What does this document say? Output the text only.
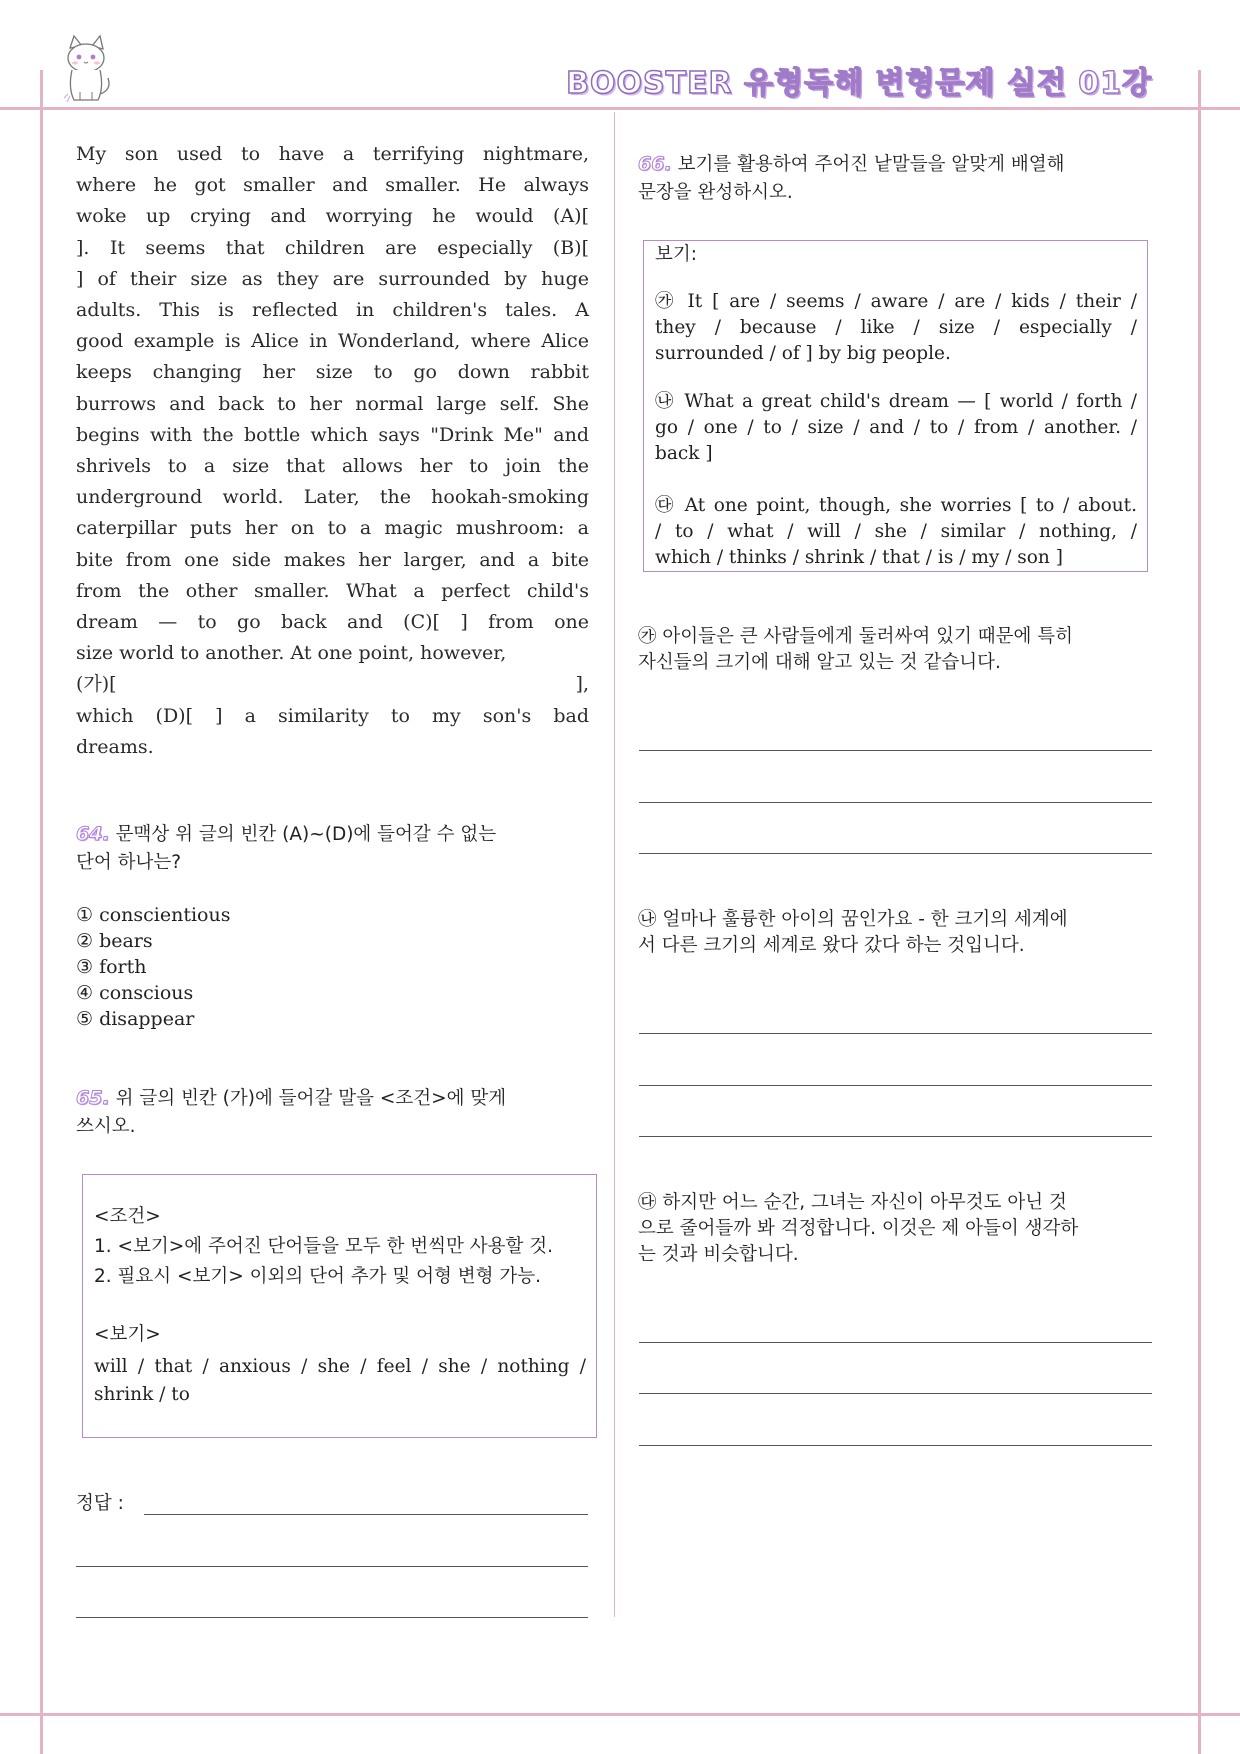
BOOSTER 유형독해 변형문제 실전 01강
My son used to have a terrifying nightmare,
where he got smaller and smaller. He always
woke up crying and worrying he would (A)[
]. It seems that children are especially (B)[
] of their size as they are surrounded by huge
adults. This is reflected in children's tales. A
good example is Alice in Wonderland, where Alice
keeps changing her size to go down rabbit
burrows and back to her normal large self. She
begins with the bottle which says "Drink Me" and
shrivels to a size that allows her to join the
underground world. Later, the hookah-smoking
caterpillar puts her on to a magic mushroom: a
bite from one side makes her larger, and a bite
from the other smaller. What a perfect child's
dream — to go back and (C)[ ] from one
size world to another. At one point, however,
(가)[ ],
which (D)[ ] a similarity to my son's bad
dreams.
64. 문맥상 위 글의 빈칸 (A)~(D)에 들어갈 수 없는
단어 하나는?
① conscientious
② bears
③ forth
④ conscious
⑤ disappear
65. 위 글의 빈칸 (가)에 들어갈 말을 <조건>에 맞게
쓰시오.
<조건>
1. <보기>에 주어진 단어들을 모두 한 번씩만 사용할 것.
2. 필요시 <보기> 이외의 단어 추가 및 어형 변형 가능.
<보기>
will / that / anxious / she / feel / she / nothing /
shrink / to
정답 :
66. 보기를 활용하여 주어진 낱말들을 알맞게 배열해
문장을 완성하시오.
보기:
㉮ It [ are / seems / aware / are / kids / their /
they / because / like / size / especially /
surrounded / of ] by big people.
㉯ What a great child's dream — [ world / forth /
go / one / to / size / and / to / from / another. /
back ]
㉰ At one point, though, she worries [ to / about.
/ to / what / will / she / similar / nothing, /
which / thinks / shrink / that / is / my / son ]
㉮ 아이들은 큰 사람들에게 둘러싸여 있기 때문에 특히
자신들의 크기에 대해 알고 있는 것 같습니다.
㉯ 얼마나 훌륭한 아이의 꿈인가요 - 한 크기의 세계에
서 다른 크기의 세계로 왔다 갔다 하는 것입니다.
㉰ 하지만 어느 순간, 그녀는 자신이 아무것도 아닌 것
으로 줄어들까 봐 걱정합니다. 이것은 제 아들이 생각하
는 것과 비슷합니다.
